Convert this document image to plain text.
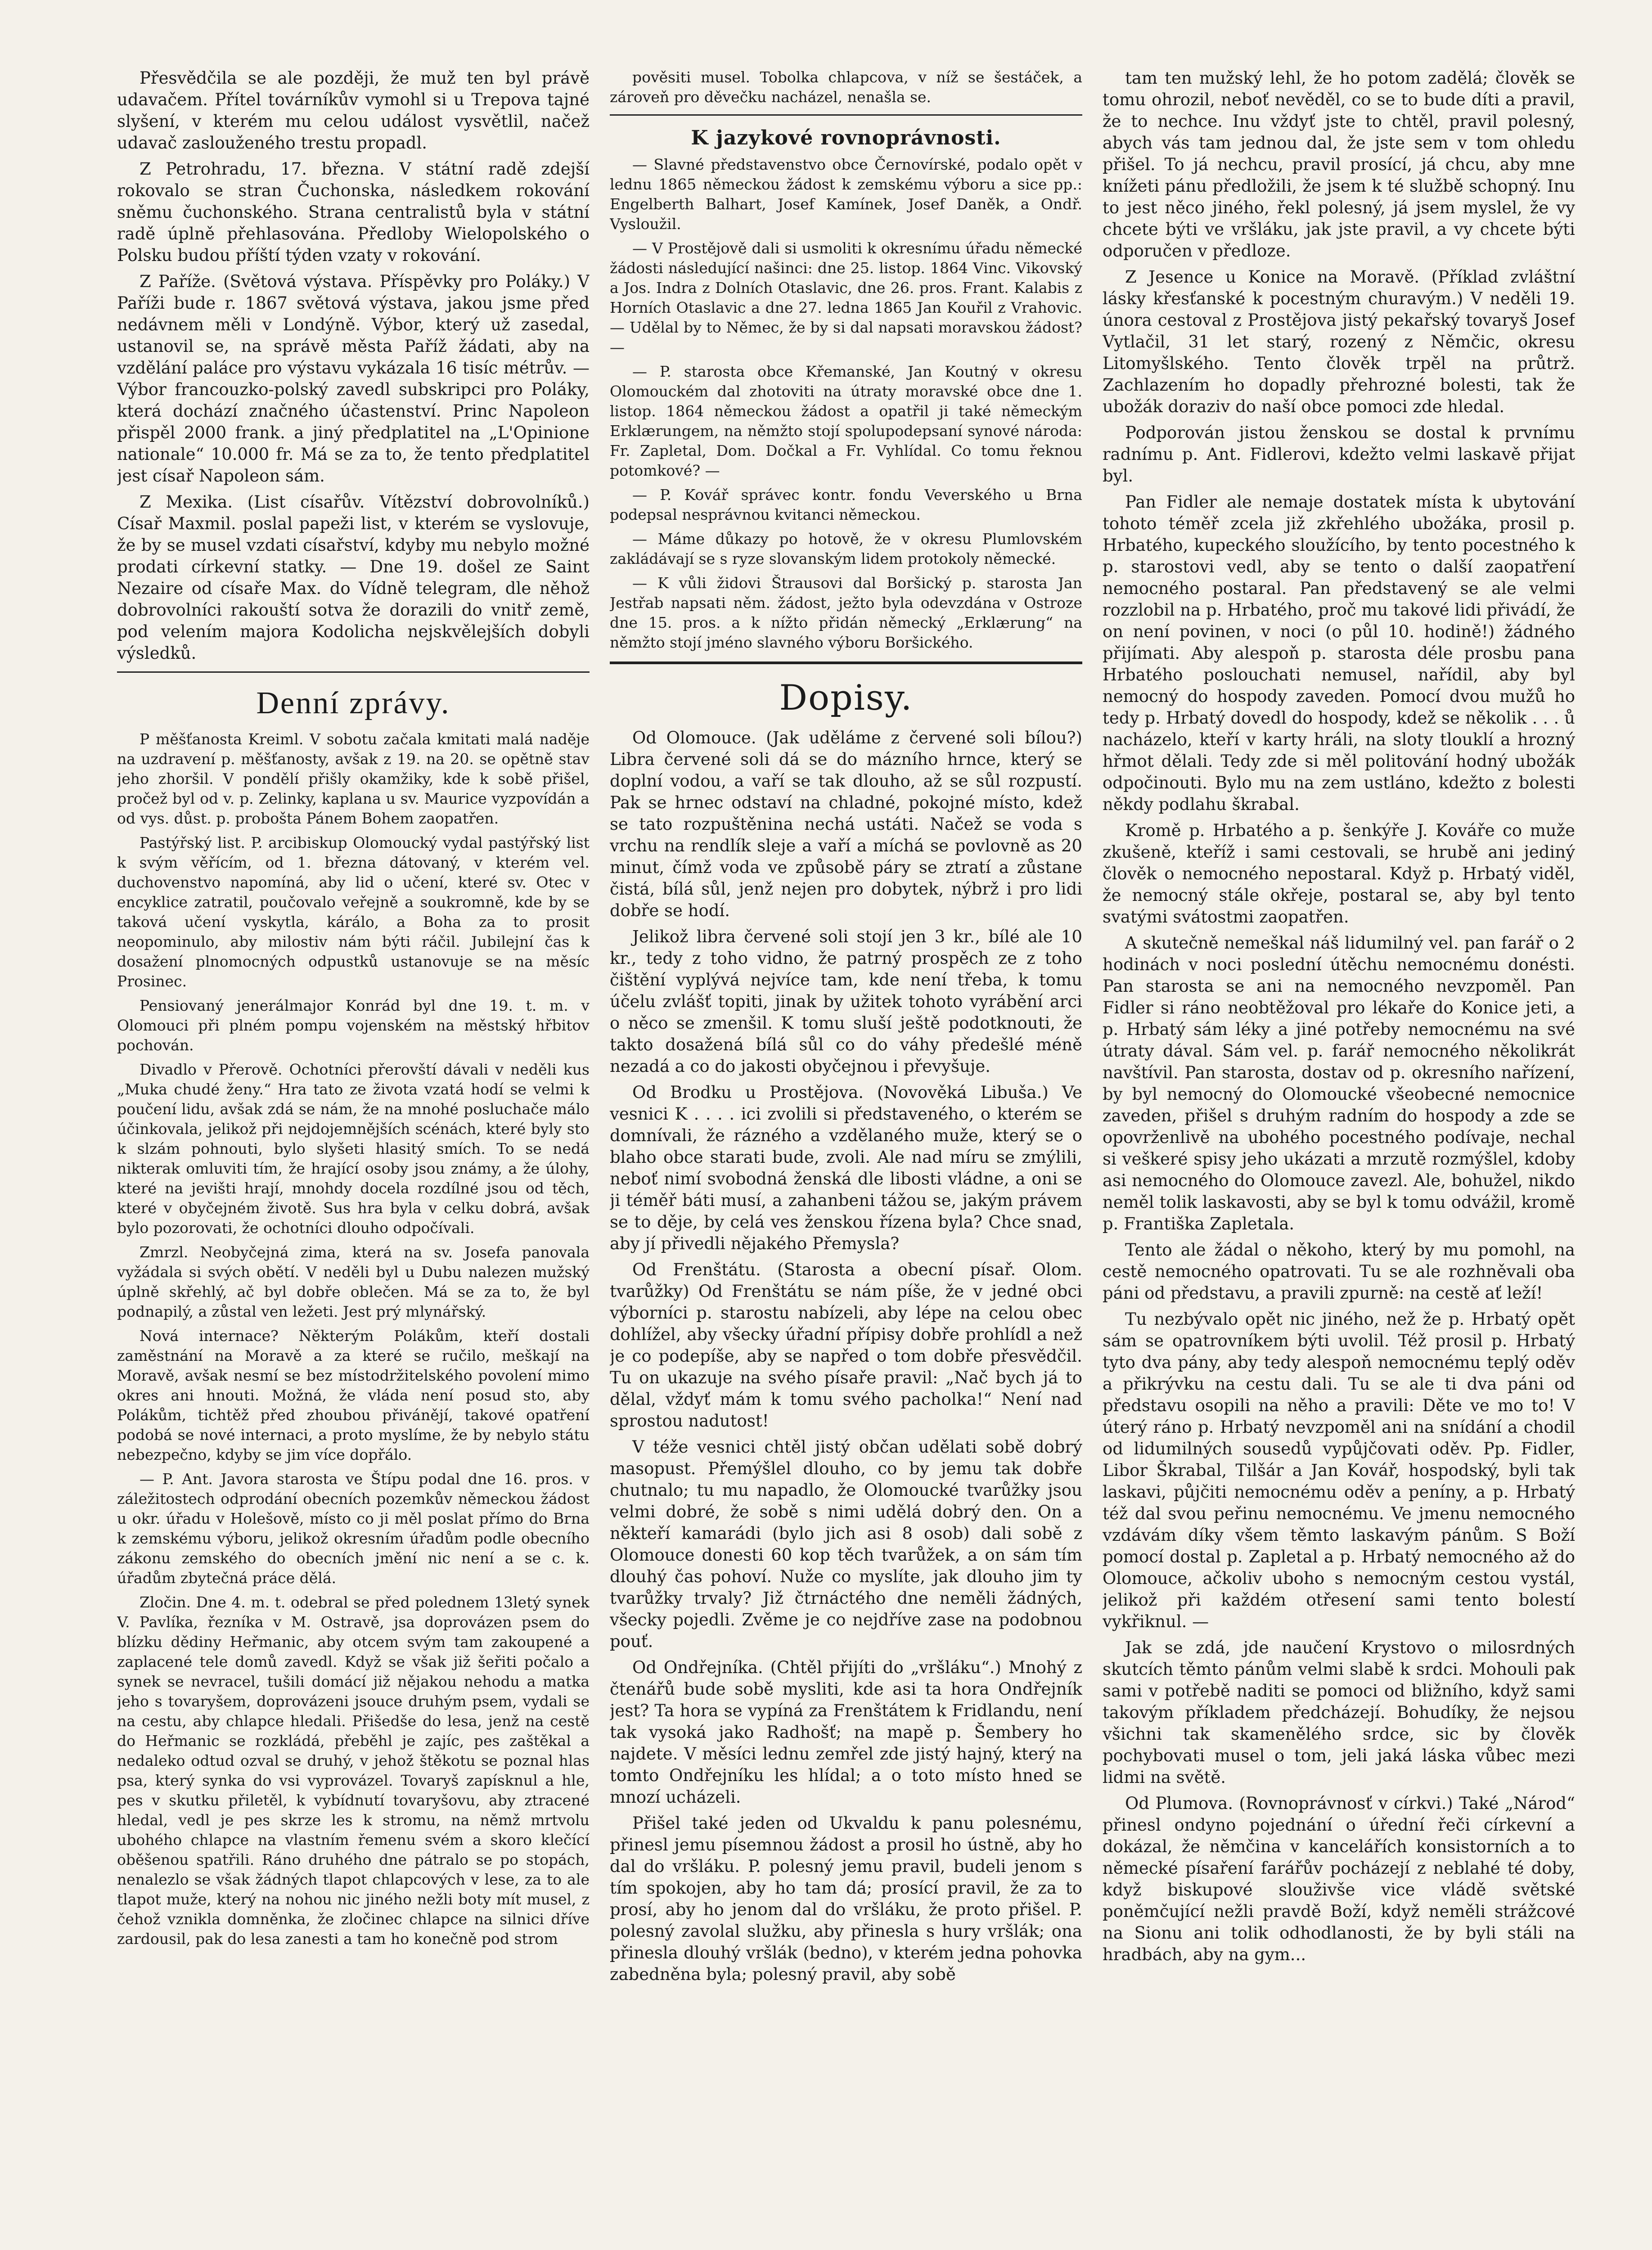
Přesvědčila se ale později, že muž ten byl právě udavačem. Přítel továrníkův vymohl si u Trepova tajné slyšení, v kterém mu celou událost vysvětlil, načež udavač zaslouženého trestu propadl.

Z Petrohradu, 17. března. V státní radě zdejší rokovalo se stran Čuchonska, následkem rokování sněmu čuchonského. Strana centralistů byla v státní radě úplně přehlasována. Předloby Wielopolského o Polsku budou příští týden vzaty v rokování.

Z Paříže. (Světová výstava. Příspěvky pro Poláky.) V Paříži bude r. 1867 světová výstava, jakou jsme před nedávnem měli v Londýně. Výbor, který už zasedal, ustanovil se, na správě města Paříž žádati, aby na vzdělání paláce pro výstavu vykázala 16 tisíc métrův. — Výbor francouzko-polský zavedl subskripci pro Poláky, která dochází značného účastenství. Princ Napoleon přispěl 2000 frank. a jiný předplatitel na „L'Opinione nationale“ 10.000 fr. Má se za to, že tento předplatitel jest císař Napoleon sám.

Z Mexika. (List císařův. Vítězství dobrovolníků.) Císař Maxmil. poslal papeži list, v kterém se vyslovuje, že by se musel vzdati císařství, kdyby mu nebylo možné prodati církevní statky. — Dne 19. došel ze Saint Nezaire od císaře Max. do Vídně telegram, dle něhož dobrovolníci rakouští sotva že dorazili do vnitř země, pod velením majora Kodolicha nejskvělejších dobyli výsledků.

Denní zprávy.

P měšťanosta Kreiml. V sobotu začala kmitati malá naděje na uzdravení p. měšťanosty, avšak z 19. na 20. se opětně stav jeho zhoršil. V pondělí přišly okamžiky, kde k sobě přišel, pročež byl od v. p. Zelinky, kaplana u sv. Maurice vyzpovídán a od vys. důst. p. probošta Pánem Bohem zaopatřen.

Pastýřský list. P. arcibiskup Olomoucký vydal pastýřský list k svým věřícím, od 1. března dátovaný, v kterém vel. duchovenstvo napomíná, aby lid o učení, které sv. Otec v encyklice zatratil, poučovalo veřejně a soukromně, kde by se taková učení vyskytla, kárálo, a Boha za to prosit neopominulo, aby milostiv nám býti ráčil. Jubilejní čas k dosažení plnomocných odpustků ustanovuje se na měsíc Prosinec.

Pensiovaný jenerálmajor Konrád byl dne 19. t. m. v Olomouci při plném pompu vojenském na městský hřbitov pochován.

Divadlo v Přerově. Ochotníci přerovští dávali v neděli kus „Muka chudé ženy.“ Hra tato ze života vzatá hodí se velmi k poučení lidu, avšak zdá se nám, že na mnohé posluchače málo účinkovala, jelikož při nejdojemnějších scénách, které byly sto k slzám pohnouti, bylo slyšeti hlasitý smích. To se nedá nikterak omluviti tím, že hrající osoby jsou známy, a že úlohy, které na jevišti hrají, mnohdy docela rozdílné jsou od těch, které v obyčejném životě. Sus hra byla v celku dobrá, avšak bylo pozorovati, že ochotníci dlouho odpočívali.

Zmrzl. Neobyčejná zima, která na sv. Josefa panovala vyžádala si svých obětí. V neděli byl u Dubu nalezen mužský úplně skřehlý, ač byl dobře oblečen. Má se za to, že byl podnapilý, a zůstal ven ležeti. Jest prý mlynářský.

Nová internace? Některým Polákům, kteří dostali zaměstnání na Moravě a za které se ručilo, meškají na Moravě, avšak nesmí se bez místodržitelského povolení mimo okres ani hnouti. Možná, že vláda není posud sto, aby Polákům, tichtěž před zhoubou přivánějí, takové opatření podobá se nové internaci, a proto myslíme, že by nebylo státu nebezpečno, kdyby se jim více dopřálo.

— P. Ant. Javora starosta ve Štípu podal dne 16. pros. v záležitostech odprodání obecních pozemkův německou žádost u okr. úřadu v Holešově, místo co ji měl poslat přímo do Brna k zemskému výboru, jelikož okresním úřadům podle obecního zákonu zemského do obecních jmění nic není a se c. k. úřadům zbytečná práce dělá.

Zločin. Dne 4. m. t. odebral se před polednem 13letý synek V. Pavlíka, řezníka v M. Ostravě, jsa doprovázen psem do blízku dědiny Heřmanic, aby otcem svým tam zakoupené a zaplacené tele domů zavedl. Když se však již šeřiti počalo a synek se nevracel, tušili domácí již nějakou nehodu a matka jeho s tovaryšem, doprovázeni jsouce druhým psem, vydali se na cestu, aby chlapce hledali. Přišedše do lesa, jenž na cestě do Heřmanic se rozkládá, přeběhl je zajíc, pes zaštěkal a nedaleko odtud ozval se druhý, v jehož štěkotu se poznal hlas psa, který synka do vsi vyprovázel. Tovaryš zapísknul a hle, pes v skutku přiletěl, k vybídnutí tovaryšovu, aby ztracené hledal, vedl je pes skrze les k stromu, na němž mrtvolu ubohého chlapce na vlastním řemenu svém a skoro klečící oběšenou spatřili. Ráno druhého dne pátralo se po stopách, nenalezlo se však žádných tlapot chlapcových v lese, za to ale tlapot muže, který na nohou nic jiného nežli boty mít musel, z čehož vznikla domněnka, že zločinec chlapce na silnici dříve zardousil, pak do lesa zanesti a tam ho konečně pod strom

pověsiti musel. Tobolka chlapcova, v níž se šestáček, a zároveň pro děvečku nacházel, nenašla se.

K jazykové rovnoprávnosti.

— Slavné představenstvo obce Černovírské, podalo opět v lednu 1865 německou žádost k zemskému výboru a sice pp.: Engelberth Balhart, Josef Kamínek, Josef Daněk, a Ondř. Vysloužil.

— V Prostějově dali si usmoliti k okresnímu úřadu německé žádosti následující našinci: dne 25. listop. 1864 Vinc. Vikovský a Jos. Indra z Dolních Otaslavic, dne 26. pros. Frant. Kalabis z Horních Otaslavic a dne 27. ledna 1865 Jan Kouřil z Vrahovic. — Udělal by to Němec, že by si dal napsati moravskou žádost? —

— P. starosta obce Křemanské, Jan Koutný v okresu Olomouckém dal zhotoviti na útraty moravské obce dne 1. listop. 1864 německou žádost a opatřil ji také německým Erklærungem, na němžto stojí spolupodepsaní synové národa: Fr. Zapletal, Dom. Dočkal a Fr. Vyhlídal. Co tomu řeknou potomkové? —

— P. Kovář správec kontr. fondu Veverského u Brna podepsal nesprávnou kvitanci německou.

— Máme důkazy po hotově, že v okresu Plumlovském zakládávají se s ryze slovanským lidem protokoly německé.

— K vůli židovi Štrausovi dal Boršický p. starosta Jan Jestřab napsati něm. žádost, ježto byla odevzdána v Ostroze dne 15. pros. a k nížto přidán německý „Erklærung“ na němžto stojí jméno slavného výboru Boršického.

Dopisy.

Od Olomouce. (Jak uděláme z červené soli bílou?) Libra červené soli dá se do mázního hrnce, který se doplní vodou, a vaří se tak dlouho, až se sůl rozpustí. Pak se hrnec odstaví na chladné, pokojné místo, kdež se tato rozpuštěnina nechá ustáti. Načež se voda s vrchu na rendlík sleje a vaří a míchá se povlovně as 20 minut, čímž voda ve způsobě páry se ztratí a zůstane čistá, bílá sůl, jenž nejen pro dobytek, nýbrž i pro lidi dobře se hodí.

Jelikož libra červené soli stojí jen 3 kr., bílé ale 10 kr., tedy z toho vidno, že patrný prospěch ze z toho čištění vyplývá nejvíce tam, kde není třeba, k tomu účelu zvlášť topiti, jinak by užitek tohoto vyrábění arci o něco se zmenšil. K tomu sluší ještě podotknouti, že takto dosažená bílá sůl co do váhy předešlé méně nezadá a co do jakosti obyčejnou i převyšuje.

Od Brodku u Prostějova. (Novověká Libuša.) Ve vesnici K . . . . ici zvolili si představeného, o kterém se domnívali, že rázného a vzdělaného muže, který se o blaho obce starati bude, zvoli. Ale nad míru se zmýlili, neboť nimí svobodná ženská dle libosti vládne, a oni se ji téměř báti musí, a zahanbeni tážou se, jakým právem se to děje, by celá ves ženskou řízena byla? Chce snad, aby jí přivedli nějakého Přemysla?

Od Frenštátu. (Starosta a obecní písař. Olom. tvarůžky) Od Frenštátu se nám píše, že v jedné obci výborníci p. starostu nabízeli, aby lépe na celou obec dohlížel, aby všecky úřadní přípisy dobře prohlídl a než je co podepíše, aby se napřed o tom dobře přesvědčil. Tu on ukazuje na svého písaře pravil: „Nač bych já to dělal, vždyť mám k tomu svého pacholka!“ Není nad sprostou nadutost!

V téže vesnici chtěl jistý občan udělati sobě dobrý masopust. Přemýšlel dlouho, co by jemu tak dobře chutnalo; tu mu napadlo, že Olomoucké tvarůžky jsou velmi dobré, že sobě s nimi udělá dobrý den. On a někteří kamarádi (bylo jich asi 8 osob) dali sobě z Olomouce donesti 60 kop těch tvarůžek, a on sám tím dlouhý čas pohoví. Nuže co myslíte, jak dlouho jim ty tvarůžky trvaly? Již čtrnáctého dne neměli žádných, všecky pojedli. Zvěme je co nejdříve zase na podobnou pouť.

Od Ondřejníka. (Chtěl přijíti do „vršláku“.) Mnohý z čtenářů bude sobě mysliti, kde asi ta hora Ondřejník jest? Ta hora se vypíná za Frenštátem k Fridlandu, není tak vysoká jako Radhošť; na mapě p. Šembery ho najdete. V měsíci lednu zemřel zde jistý hajný, který na tomto Ondřejníku les hlídal; a o toto místo hned se mnozí ucházeli.

Přišel také jeden od Ukvaldu k panu polesnému, přinesl jemu písemnou žádost a prosil ho ústně, aby ho dal do vršláku. P. polesný jemu pravil, budeli jenom s tím spokojen, aby ho tam dá; prosící pravil, že za to prosí, aby ho jenom dal do vršláku, že proto přišel. P. polesný zavolal služku, aby přinesla s hury vršlák; ona přinesla dlouhý vršlák (bedno), v kterém jedna pohovka zabedněna byla; polesný pravil, aby sobě

tam ten mužský lehl, že ho potom zadělá; člověk se tomu ohrozil, neboť nevěděl, co se to bude díti a pravil, že to nechce. Inu vždyť jste to chtěl, pravil polesný, abych vás tam jednou dal, že jste sem v tom ohledu přišel. To já nechcu, pravil prosící, já chcu, aby mne knížeti pánu předložili, že jsem k té službě schopný. Inu to jest něco jiného, řekl polesný, já jsem myslel, že vy chcete býti ve vršláku, jak jste pravil, a vy chcete býti odporučen v předloze.

Z Jesence u Konice na Moravě. (Příklad zvláštní lásky křesťanské k pocestným churavým.) V neděli 19. února cestoval z Prostějova jistý pekařský tovaryš Josef Vytlačil, 31 let starý, rozený z Němčic, okresu Litomyšlského. Tento člověk trpěl na průtrž. Zachlazením ho dopadly přehrozné bolesti, tak že ubožák doraziv do naší obce pomoci zde hledal.

Podporován jistou ženskou se dostal k prvnímu radnímu p. Ant. Fidlerovi, kdežto velmi laskavě přijat byl.

Pan Fidler ale nemaje dostatek místa k ubytování tohoto téměř zcela již zkřehlého ubožáka, prosil p. Hrbatého, kupeckého sloužícího, by tento pocestného k p. starostovi vedl, aby se tento o další zaopatření nemocného postaral. Pan představený se ale velmi rozzlobil na p. Hrbatého, proč mu takové lidi přivádí, že on není povinen, v noci (o půl 10. hodině!) žádného přijímati. Aby alespoň p. starosta déle prosbu pana Hrbatého poslouchati nemusel, nařídil, aby byl nemocný do hospody zaveden. Pomocí dvou mužů ho tedy p. Hrbatý dovedl do hospody, kdež se několik . . . ů nacházelo, kteří v karty hráli, na sloty tlouklí a hrozný hřmot dělali. Tedy zde si měl politování hodný ubožák odpočinouti. Bylo mu na zem ustláno, kdežto z bolesti někdy podlahu škrabal.

Kromě p. Hrbatého a p. šenkýře J. Kováře co muže zkušeně, kteříž i sami cestovali, se hrubě ani jediný člověk o nemocného nepostaral. Když p. Hrbatý viděl, že nemocný stále okřeje, postaral se, aby byl tento svatými svátostmi zaopatřen.

A skutečně nemeškal náš lidumilný vel. pan farář o 2 hodinách v noci poslední útěchu nemocnému donésti. Pan starosta se ani na nemocného nevzpoměl. Pan Fidler si ráno neobtěžoval pro lékaře do Konice jeti, a p. Hrbatý sám léky a jiné potřeby nemocnému na své útraty dával. Sám vel. p. farář nemocného několikrát navštívil. Pan starosta, dostav od p. okresního nařízení, by byl nemocný do Olomoucké všeobecné nemocnice zaveden, přišel s druhým radním do hospody a zde se opovrženlivě na ubohého pocestného podívaje, nechal si veškeré spisy jeho ukázati a mrzutě rozmýšlel, kdoby asi nemocného do Olomouce zavezl. Ale, bohužel, nikdo neměl tolik laskavosti, aby se byl k tomu odvážil, kromě p. Františka Zapletala.

Tento ale žádal o někoho, který by mu pomohl, na cestě nemocného opatrovati. Tu se ale rozhněvali oba páni od představu, a pravili zpurně: na cestě ať leží!

Tu nezbývalo opět nic jiného, než že p. Hrbatý opět sám se opatrovníkem býti uvolil. Též prosil p. Hrbatý tyto dva pány, aby tedy alespoň nemocnému teplý oděv a přikrývku na cestu dali. Tu se ale ti dva páni od představu osopili na něho a pravili: Děte ve mo to! V úterý ráno p. Hrbatý nevzpoměl ani na snídání a chodil od lidumilných sousedů vypůjčovati oděv. Pp. Fidler, Libor Škrabal, Tilšár a Jan Kovář, hospodský, byli tak laskavi, půjčiti nemocnému oděv a peníny, a p. Hrbatý též dal svou peřinu nemocnému. Ve jmenu nemocného vzdávám díky všem těmto laskavým pánům. S Boží pomocí dostal p. Zapletal a p. Hrbatý nemocného až do Olomouce, ačkoliv uboho s nemocným cestou vystál, jelikož při každém otřesení sami tento bolestí vykřiknul. —

Jak se zdá, jde naučení Krystovo o milosrdných skutcích těmto pánům velmi slabě k srdci. Mohouli pak sami v potřebě naditi se pomoci od bližního, když sami takovým příkladem předcházejí. Bohudíky, že nejsou všichni tak skamenělého srdce, sic by člověk pochybovati musel o tom, jeli jaká láska vůbec mezi lidmi na světě.

Od Plumova. (Rovnoprávnosť v církvi.) Také „Národ“ přinesl ondyno pojednání o úřední řeči církevní a dokázal, že němčina v kancelářích konsistorních a to německé písaření farářův pocházejí z neblahé té doby, když biskupové slouživše vice vládě světské poněmčující nežli pravdě Boží, když neměli strážcové na Sionu ani tolik odhodlanosti, že by byli stáli na hradbách, aby na gym...
